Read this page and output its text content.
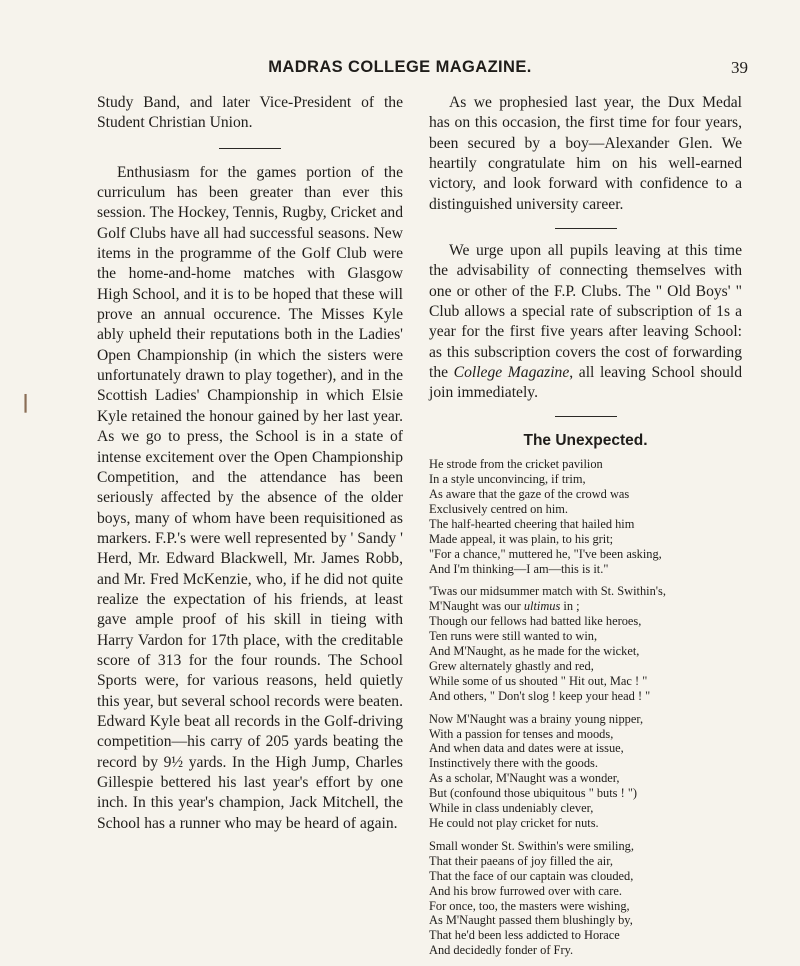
MADRAS COLLEGE MAGAZINE.	39
❘

Study Band, and later Vice-President of the Student Christian Union.

Enthusiasm for the games portion of the curriculum has been greater than ever this session. The Hockey, Tennis, Rugby, Cricket and Golf Clubs have all had successful seasons. New items in the programme of the Golf Club were the home-and-home matches with Glasgow High School, and it is to be hoped that these will prove an annual occurence. The Misses Kyle ably upheld their reputations both in the Ladies' Open Championship (in which the sisters were unfortunately drawn to play together), and in the Scottish Ladies' Championship in which Elsie Kyle retained the honour gained by her last year. As we go to press, the School is in a state of intense excitement over the Open Championship Competition, and the attendance has been seriously affected by the absence of the older boys, many of whom have been requisitioned as markers. F.P.'s were well represented by ' Sandy ' Herd, Mr. Edward Blackwell, Mr. James Robb, and Mr. Fred McKenzie, who, if he did not quite realize the expectation of his friends, at least gave ample proof of his skill in tieing with Harry Vardon for 17th place, with the creditable score of 313 for the four rounds. The School Sports were, for various reasons, held quietly this year, but several school records were beaten. Edward Kyle beat all records in the Golf-driving competition—his carry of 205 yards beating the record by 9½ yards. In the High Jump, Charles Gillespie bettered his last year's effort by one inch. In this year's champion, Jack Mitchell, the School has a runner who may be heard of again.

As we prophesied last year, the Dux Medal has on this occasion, the first time for four years, been secured by a boy—Alexander Glen. We heartily congratulate him on his well-earned victory, and look forward with confidence to a distinguished university career.

We urge upon all pupils leaving at this time the advisability of connecting themselves with one or other of the F.P. Clubs. The " Old Boys' " Club allows a special rate of subscription of 1s a year for the first five years after leaving School: as this subscription covers the cost of forwarding the College Magazine, all leaving School should join immediately.

The Unexpected.
He strode from the cricket pavilion
In a style unconvincing, if trim,
As aware that the gaze of the crowd was
Exclusively centred on him.
The half-hearted cheering that hailed him
Made appeal, it was plain, to his grit;
"For a chance," muttered he, "I've been asking,
And I'm thinking—I am—this is it."
'Twas our midsummer match with St. Swithin's,
M'Naught was our ultimus in ;
Though our fellows had batted like heroes,
Ten runs were still wanted to win,
And M'Naught, as he made for the wicket,
Grew alternately ghastly and red,
While some of us shouted " Hit out, Mac ! "
And others, " Don't slog ! keep your head ! "
Now M'Naught was a brainy young nipper,
With a passion for tenses and moods,
And when data and dates were at issue,
Instinctively there with the goods.
As a scholar, M'Naught was a wonder,
But (confound those ubiquitous " buts ! ")
While in class undeniably clever,
He could not play cricket for nuts.
Small wonder St. Swithin's were smiling,
That their paeans of joy filled the air,
That the face of our captain was clouded,
And his brow furrowed over with care.
For once, too, the masters were wishing,
As M'Naught passed them blushingly by,
That he'd been less addicted to Horace
And decidedly fonder of Fry.
